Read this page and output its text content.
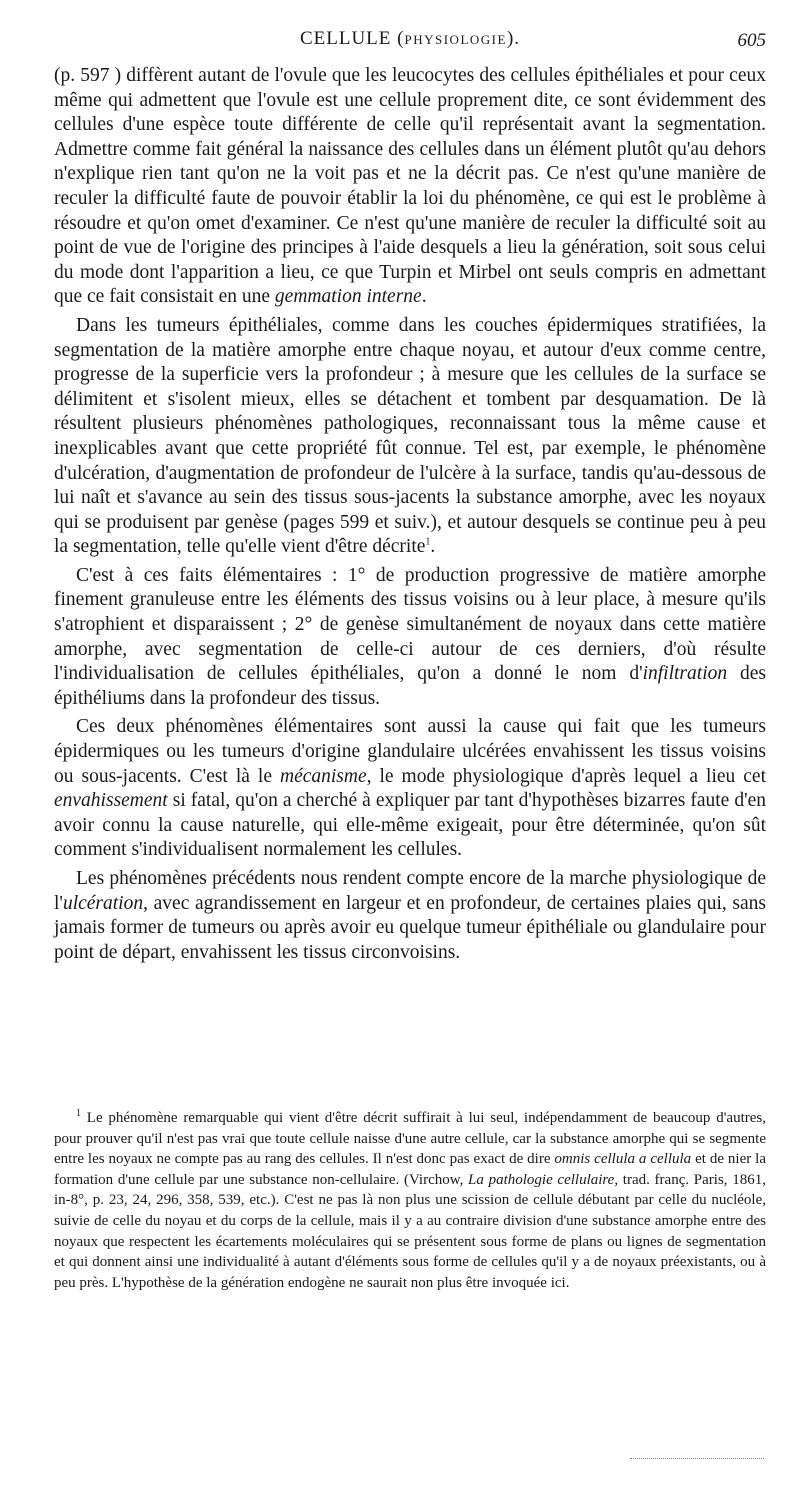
CELLULE (PHYSIOLOGIE).	605

(p. 597 ) diffèrent autant de l'ovule que les leucocytes des cellules épithéliales et pour ceux même qui admettent que l'ovule est une cellule proprement dite, ce sont évidemment des cellules d'une espèce toute différente de celle qu'il représentait avant la segmentation. Admettre comme fait général la naissance des cellules dans un élément plutôt qu'au dehors n'explique rien tant qu'on ne la voit pas et ne la décrit pas. Ce n'est qu'une manière de reculer la difficulté faute de pouvoir établir la loi du phénomène, ce qui est le problème à résoudre et qu'on omet d'examiner. Ce n'est qu'une manière de reculer la difficulté soit au point de vue de l'origine des principes à l'aide desquels a lieu la génération, soit sous celui du mode dont l'apparition a lieu, ce que Turpin et Mirbel ont seuls compris en admettant que ce fait consistait en une gemmation interne.

Dans les tumeurs épithéliales, comme dans les couches épidermiques stratifiées, la segmentation de la matière amorphe entre chaque noyau, et autour d'eux comme centre, progresse de la superficie vers la profondeur ; à mesure que les cellules de la surface se délimitent et s'isolent mieux, elles se détachent et tombent par desquamation. De là résultent plusieurs phénomènes pathologiques, reconnaissant tous la même cause et inexplicables avant que cette propriété fût connue. Tel est, par exemple, le phénomène d'ulcération, d'augmentation de profondeur de l'ulcère à la surface, tandis qu'au-dessous de lui naît et s'avance au sein des tissus sous-jacents la substance amorphe, avec les noyaux qui se produisent par genèse (pages 599 et suiv.), et autour desquels se continue peu à peu la segmentation, telle qu'elle vient d'être décrite$^1$.

C'est à ces faits élémentaires : 1° de production progressive de matière amorphe finement granuleuse entre les éléments des tissus voisins ou à leur place, à mesure qu'ils s'atrophient et disparaissent ; 2° de genèse simultanément de noyaux dans cette matière amorphe, avec segmentation de celle-ci autour de ces derniers, d'où résulte l'individualisation de cellules épithéliales, qu'on a donné le nom d'infiltration des épithéliums dans la profondeur des tissus.

Ces deux phénomènes élémentaires sont aussi la cause qui fait que les tumeurs épidermiques ou les tumeurs d'origine glandulaire ulcérées envahissent les tissus voisins ou sous-jacents. C'est là le mécanisme, le mode physiologique d'après lequel a lieu cet envahissement si fatal, qu'on a cherché à expliquer par tant d'hypothèses bizarres faute d'en avoir connu la cause naturelle, qui elle-même exigeait, pour être déterminée, qu'on sût comment s'individualisent normalement les cellules.

Les phénomènes précédents nous rendent compte encore de la marche physiologique de l'ulcération, avec agrandissement en largeur et en profondeur, de certaines plaies qui, sans jamais former de tumeurs ou après avoir eu quelque tumeur épithéliale ou glandulaire pour point de départ, envahissent les tissus circonvoisins.

$^1$ Le phénomène remarquable qui vient d'être décrit suffirait à lui seul, indépendamment de beaucoup d'autres, pour prouver qu'il n'est pas vrai que toute cellule naisse d'une autre cellule, car la substance amorphe qui se segmente entre les noyaux ne compte pas au rang des cellules. Il n'est donc pas exact de dire omnis cellula a cellula et de nier la formation d'une cellule par une substance non-cellulaire. (Virchow, La pathologie cellulaire, trad. franç. Paris, 1861, in-8°, p. 23, 24, 296, 358, 539, etc.). C'est ne pas là non plus une scission de cellule débutant par celle du nucléole, suivie de celle du noyau et du corps de la cellule, mais il y a au contraire division d'une substance amorphe entre des noyaux que respectent les écartements moléculaires qui se présentent sous forme de plans ou lignes de segmentation et qui donnent ainsi une individualité à autant d'éléments sous forme de cellules qu'il y a de noyaux préexistants, ou à peu près. L'hypothèse de la génération endogène ne saurait non plus être invoquée ici.
